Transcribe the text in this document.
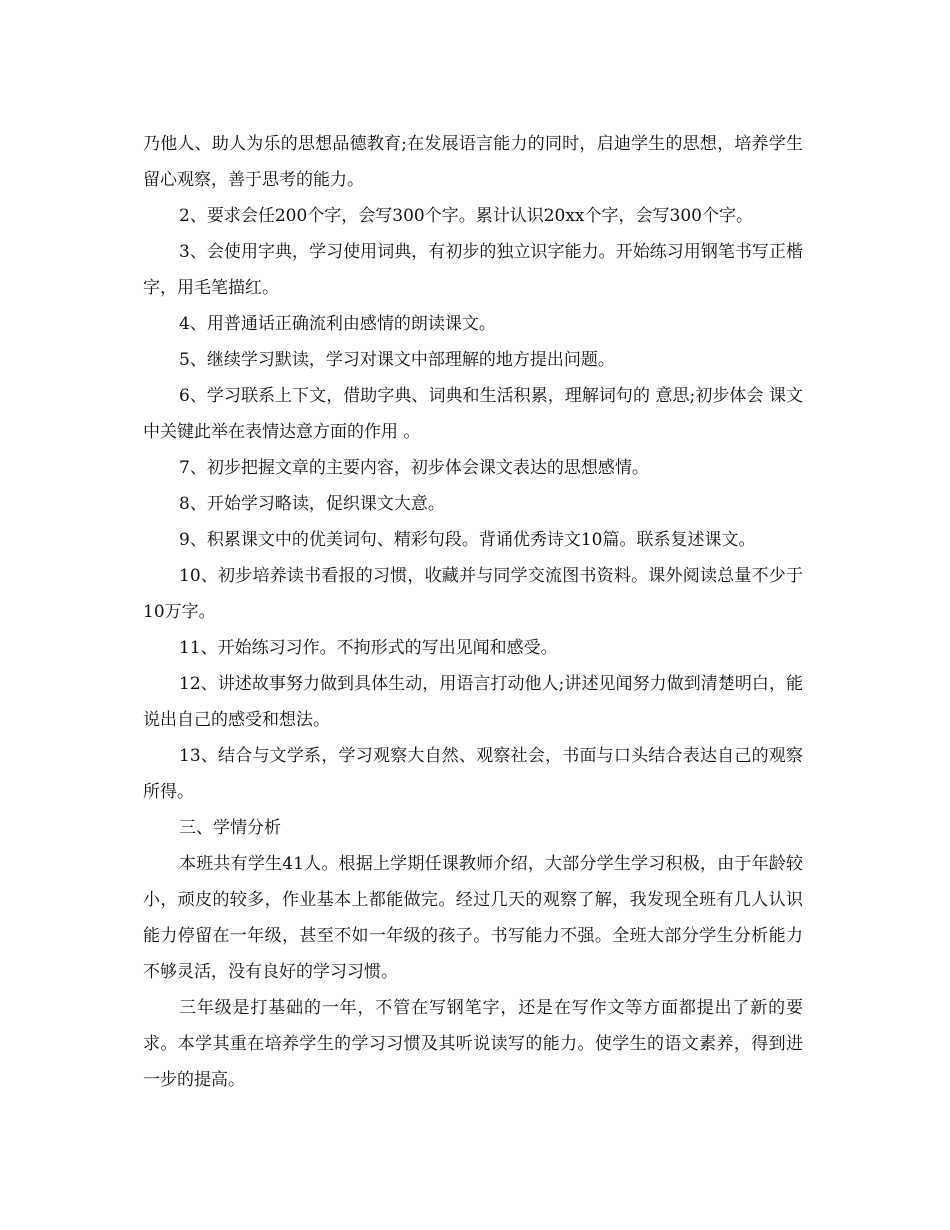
乃他人、助人为乐的思想品德教育;在发展语言能力的同时，启迪学生的思想，培养学生留心观察，善于思考的能力。

2、要求会任200个字，会写300个字。累计认识20xx个字，会写300个字。

3、会使用字典，学习使用词典，有初步的独立识字能力。开始练习用钢笔书写正楷字，用毛笔描红。

4、用普通话正确流利由感情的朗读课文。

5、继续学习默读，学习对课文中部理解的地方提出问题。

6、学习联系上下文，借助字典、词典和生活积累，理解词句的 意思;初步体会 课文中关键此举在表情达意方面的作用 。

7、初步把握文章的主要内容，初步体会课文表达的思想感情。

8、开始学习略读，促织课文大意。

9、积累课文中的优美词句、精彩句段。背诵优秀诗文10篇。联系复述课文。

10、初步培养读书看报的习惯，收藏并与同学交流图书资料。课外阅读总量不少于10万字。

11、开始练习习作。不拘形式的写出见闻和感受。

12、讲述故事努力做到具体生动，用语言打动他人;讲述见闻努力做到清楚明白，能说出自己的感受和想法。

13、结合与文学系，学习观察大自然、观察社会，书面与口头结合表达自己的观察所得。

三、学情分析

本班共有学生41人。根据上学期任课教师介绍，大部分学生学习积极，由于年龄较小，顽皮的较多，作业基本上都能做完。经过几天的观察了解，我发现全班有几人认识能力停留在一年级，甚至不如一年级的孩子。书写能力不强。全班大部分学生分析能力不够灵活，没有良好的学习习惯。

三年级是打基础的一年，不管在写钢笔字，还是在写作文等方面都提出了新的要求。本学其重在培养学生的学习习惯及其听说读写的能力。使学生的语文素养，得到进一步的提高。
